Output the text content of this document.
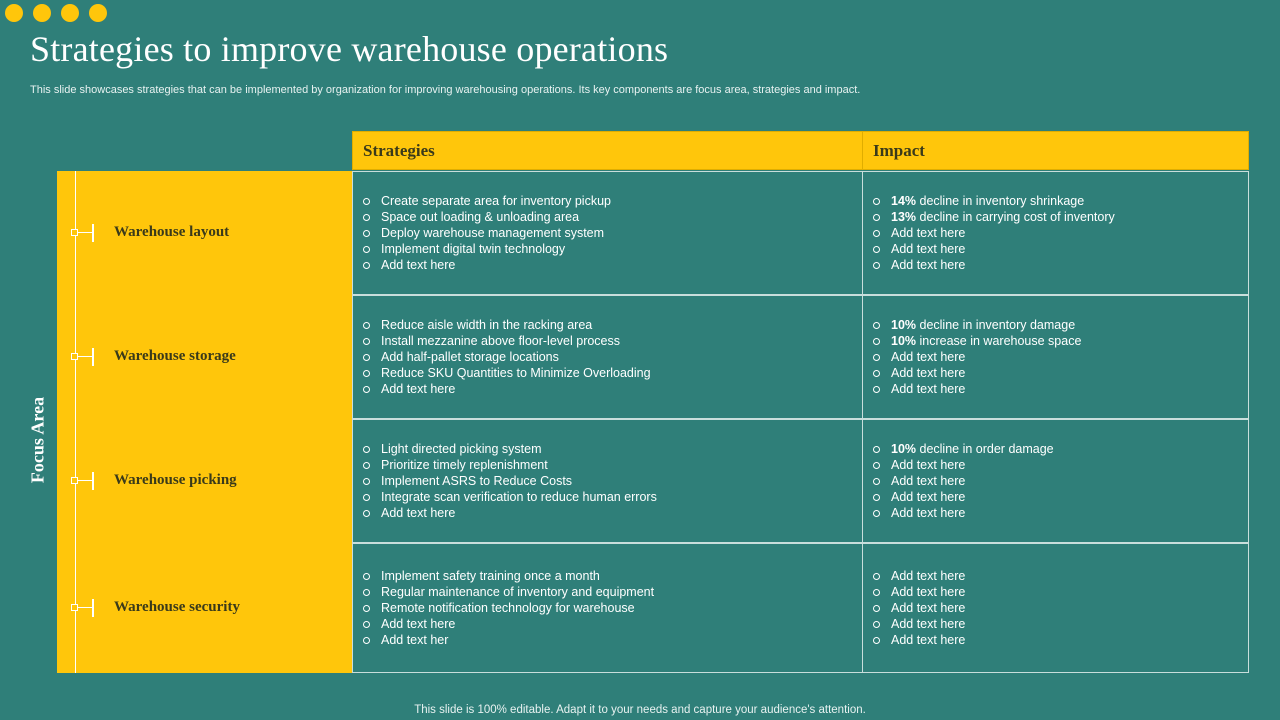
Strategies to improve warehouse operations

This slide showcases strategies that can be implemented by organization for improving warehousing operations. Its key components are focus area, strategies and impact.

Strategies	Impact
Focus Area
Warehouse layout
Create separate area for inventory pickup
Space out loading & unloading area
Deploy warehouse management system
Implement digital twin technology
Add text here
14% decline in inventory shrinkage
13% decline in carrying cost of inventory
Add text here
Add text here
Add text here
Warehouse storage
Reduce aisle width in the racking area
Install mezzanine above floor-level process
Add half-pallet storage locations
Reduce SKU Quantities to Minimize Overloading
Add text here
10% decline in inventory damage
10% increase in warehouse space
Add text here
Add text here
Add text here
Warehouse picking
Light directed picking system
Prioritize timely replenishment
Implement ASRS to Reduce Costs
Integrate scan verification to reduce human errors
Add text here
10% decline in order damage
Add text here
Add text here
Add text here
Add text here
Warehouse security
Implement safety training once a month
Regular maintenance of inventory and equipment
Remote notification technology for warehouse
Add text here
Add text her
Add text here
Add text here
Add text here
Add text here
Add text here

This slide is 100% editable. Adapt it to your needs and capture your audience's attention.
